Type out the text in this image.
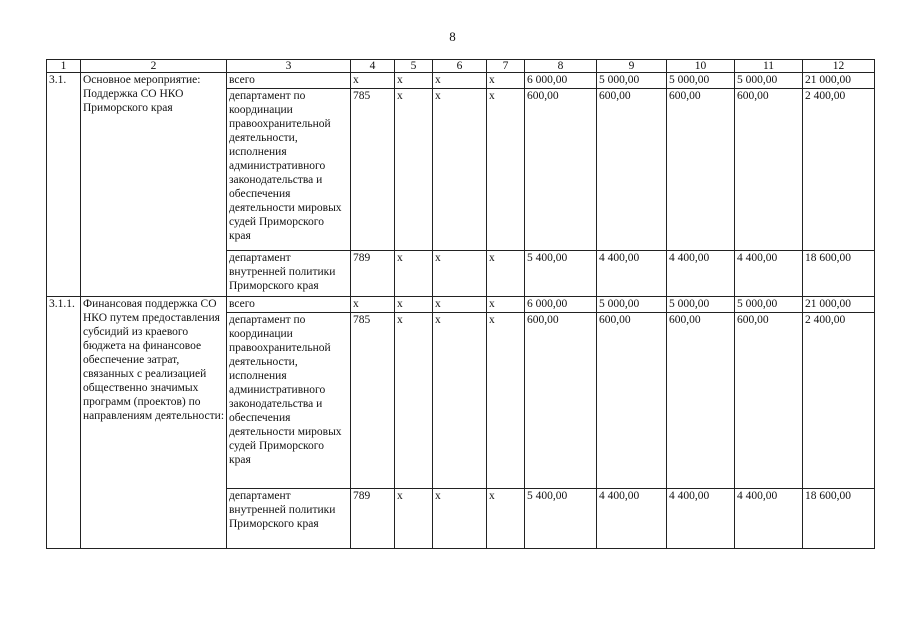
8
1	2	3	4	5	6	7	8	9	10	11	12
3.1.	Основное мероприятие: Поддержка СО НКО Приморского края	всего	х	х	х	х	6 000,00	5 000,00	5 000,00	5 000,00	21 000,00
		департамент по координации правоохранительной деятельности, исполнения административного законодательства и обеспечения деятельности мировых судей Приморского края	785	х	х	х	600,00	600,00	600,00	600,00	2 400,00
		департамент внутренней политики Приморского края	789	х	х	х	5 400,00	4 400,00	4 400,00	4 400,00	18 600,00
3.1.1.	Финансовая поддержка СО НКО путем предоставления субсидий из краевого бюджета на финансовое обеспечение затрат, связанных с реализацией общественно значимых программ (проектов) по направлениям деятельности:	всего	х	х	х	х	6 000,00	5 000,00	5 000,00	5 000,00	21 000,00
		департамент по координации правоохранительной деятельности, исполнения административного законодательства и обеспечения деятельности мировых судей Приморского края	785	х	х	х	600,00	600,00	600,00	600,00	2 400,00
		департамент внутренней политики Приморского края	789	х	х	х	5 400,00	4 400,00	4 400,00	4 400,00	18 600,00
